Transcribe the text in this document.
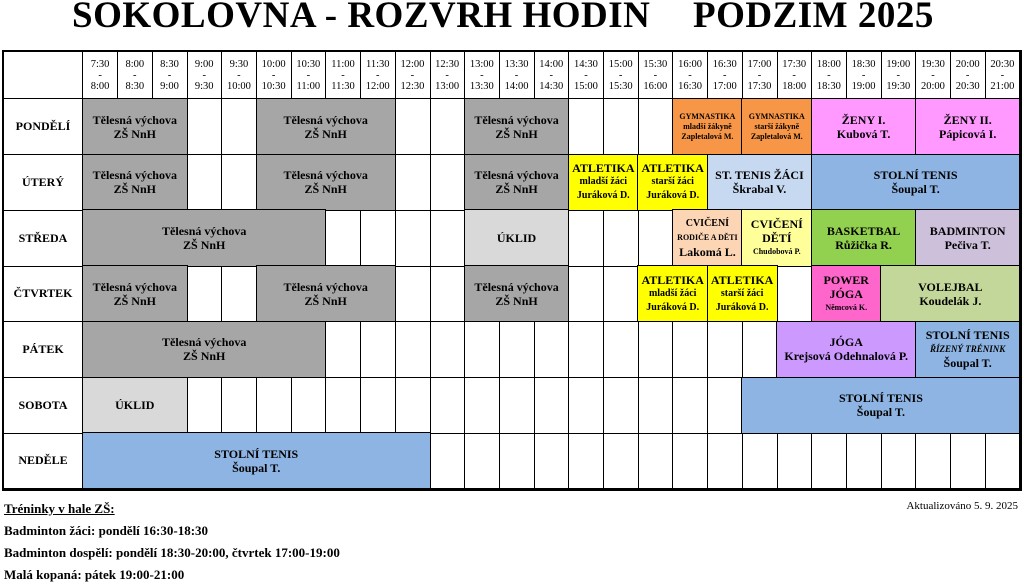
SOKOLOVNA - ROZVRH HODIN PODZIM 2025
7:30
-
8:00
8:00
-
8:30
8:30
-
9:00
9:00
-
9:30
9:30
-
10:00
10:00
-
10:30
10:30
-
11:00
11:00
-
11:30
11:30
-
12:00
12:00
-
12:30
12:30
-
13:00
13:00
-
13:30
13:30
-
14:00
14:00
-
14:30
14:30
-
15:00
15:00
-
15:30
15:30
-
16:00
16:00
-
16:30
16:30
-
17:00
17:00
-
17:30
17:30
-
18:00
18:00
-
18:30
18:30
-
19:00
19:00
-
19:30
19:30
-
20:00
20:00
-
20:30
20:30
-
21:00
PONDĚLÍ
ÚTERÝ
STŘEDA
ČTVRTEK
PÁTEK
SOBOTA
NEDĚLE
Tělesná výchova
ZŠ NnH
Tělesná výchova
ZŠ NnH
Tělesná výchova
ZŠ NnH
GYMNASTIKA
mladší žákyně
Zapletalová M.
GYMNASTIKA
starší žákyně
Zapletalová M.
ŽENY I.
Kubová T.
ŽENY II.
Pápicová I.
Tělesná výchova
ZŠ NnH
Tělesná výchova
ZŠ NnH
Tělesná výchova
ZŠ NnH
ATLETIKA
mladší žáci
Juráková D.
ATLETIKA
starší žáci
Juráková D.
ST. TENIS ŽÁCI
Škrabal V.
STOLNÍ TENIS
Šoupal T.
Tělesná výchova
ZŠ NnH	ÚKLID
CVIČENÍ
RODIČE A DĚTI
Lakomá L.
CVIČENÍ
DĚTÍ
Chudobová P.
BASKETBAL
Růžička R.
BADMINTON
Pečiva T.
Tělesná výchova
ZŠ NnH
Tělesná výchova
ZŠ NnH
Tělesná výchova
ZŠ NnH
ATLETIKA
mladší žáci
Juráková D.
ATLETIKA
starší žáci
Juráková D.
POWER
JÓGA
Němcová K.
VOLEJBAL
Koudelák J.
Tělesná výchova
ZŠ NnH
JÓGA
Krejsová Odehnalová P.
STOLNÍ TENIS
ŘÍZENÝ TRÉNINK
Šoupal T.
ÚKLID	STOLNÍ TENIS
Šoupal T.
STOLNÍ TENIS
Šoupal T.
Tréninky v hale ZŠ:
Badminton žáci: pondělí 16:30-18:30
Badminton dospělí: pondělí 18:30-20:00, čtvrtek 17:00-19:00
Malá kopaná: pátek 19:00-21:00
Aktualizováno 5. 9. 2025
